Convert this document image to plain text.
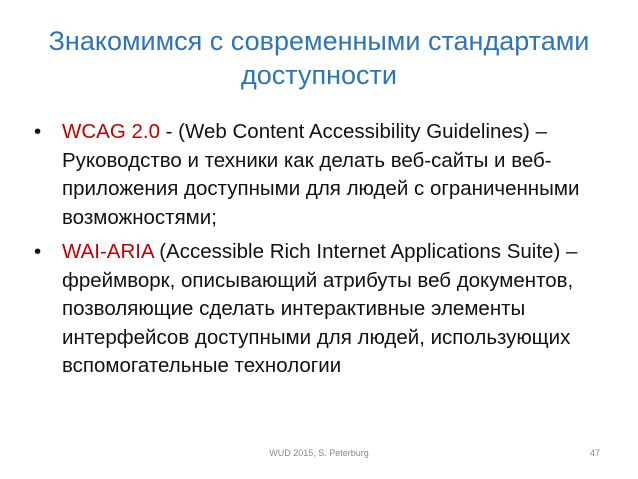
Знакомимся с современными стандартами доступности
• WCAG 2.0 - (Web Content Accessibility Guidelines) – Руководство и техники как делать веб-сайты и веб-приложения доступными для людей с ограниченными возможностями;
• WAI-ARIA (Accessible Rich Internet Applications Suite) – фреймворк, описывающий атрибуты веб документов, позволяющие сделать интерактивные элементы интерфейсов доступными для людей, использующих вспомогательные технологии
WUD 2015, S. Peterburg	47
